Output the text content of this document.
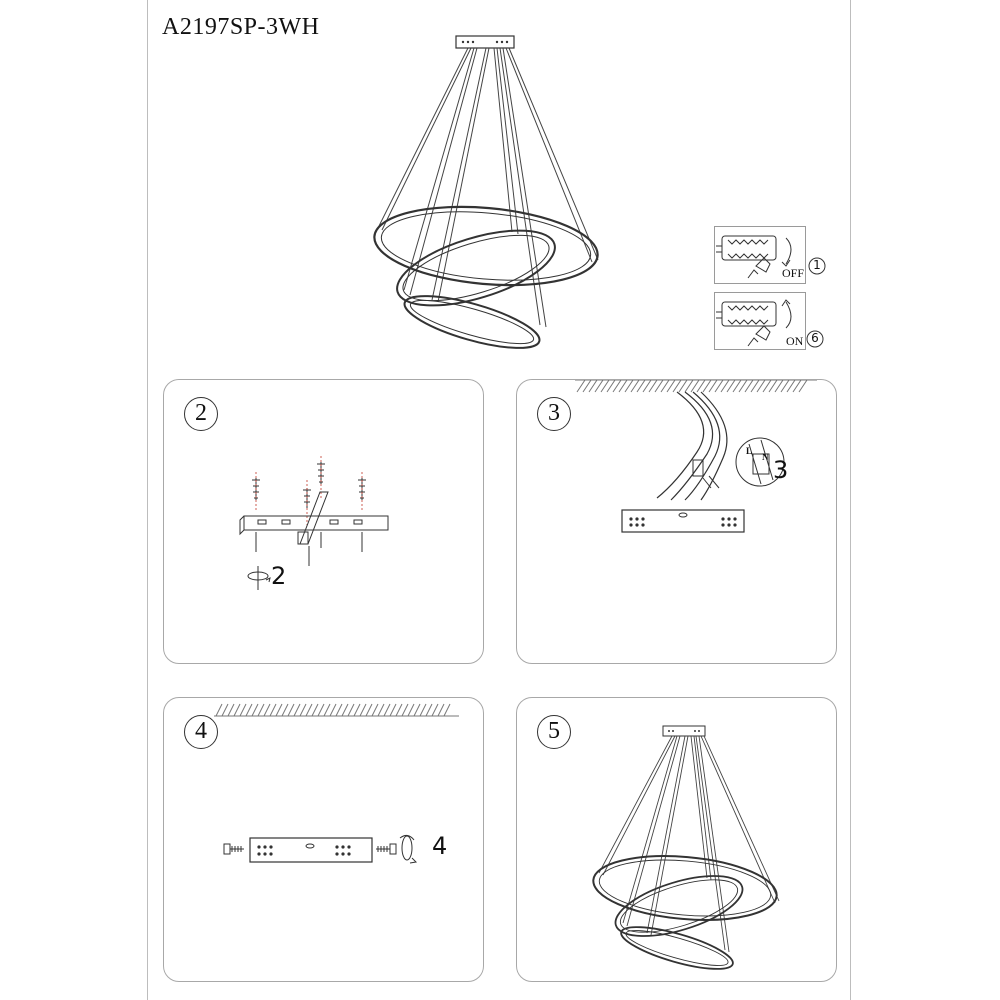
A2197SP-3WH
OFF
ON
1
6
2
2
3
L
N 3
4
4
5
